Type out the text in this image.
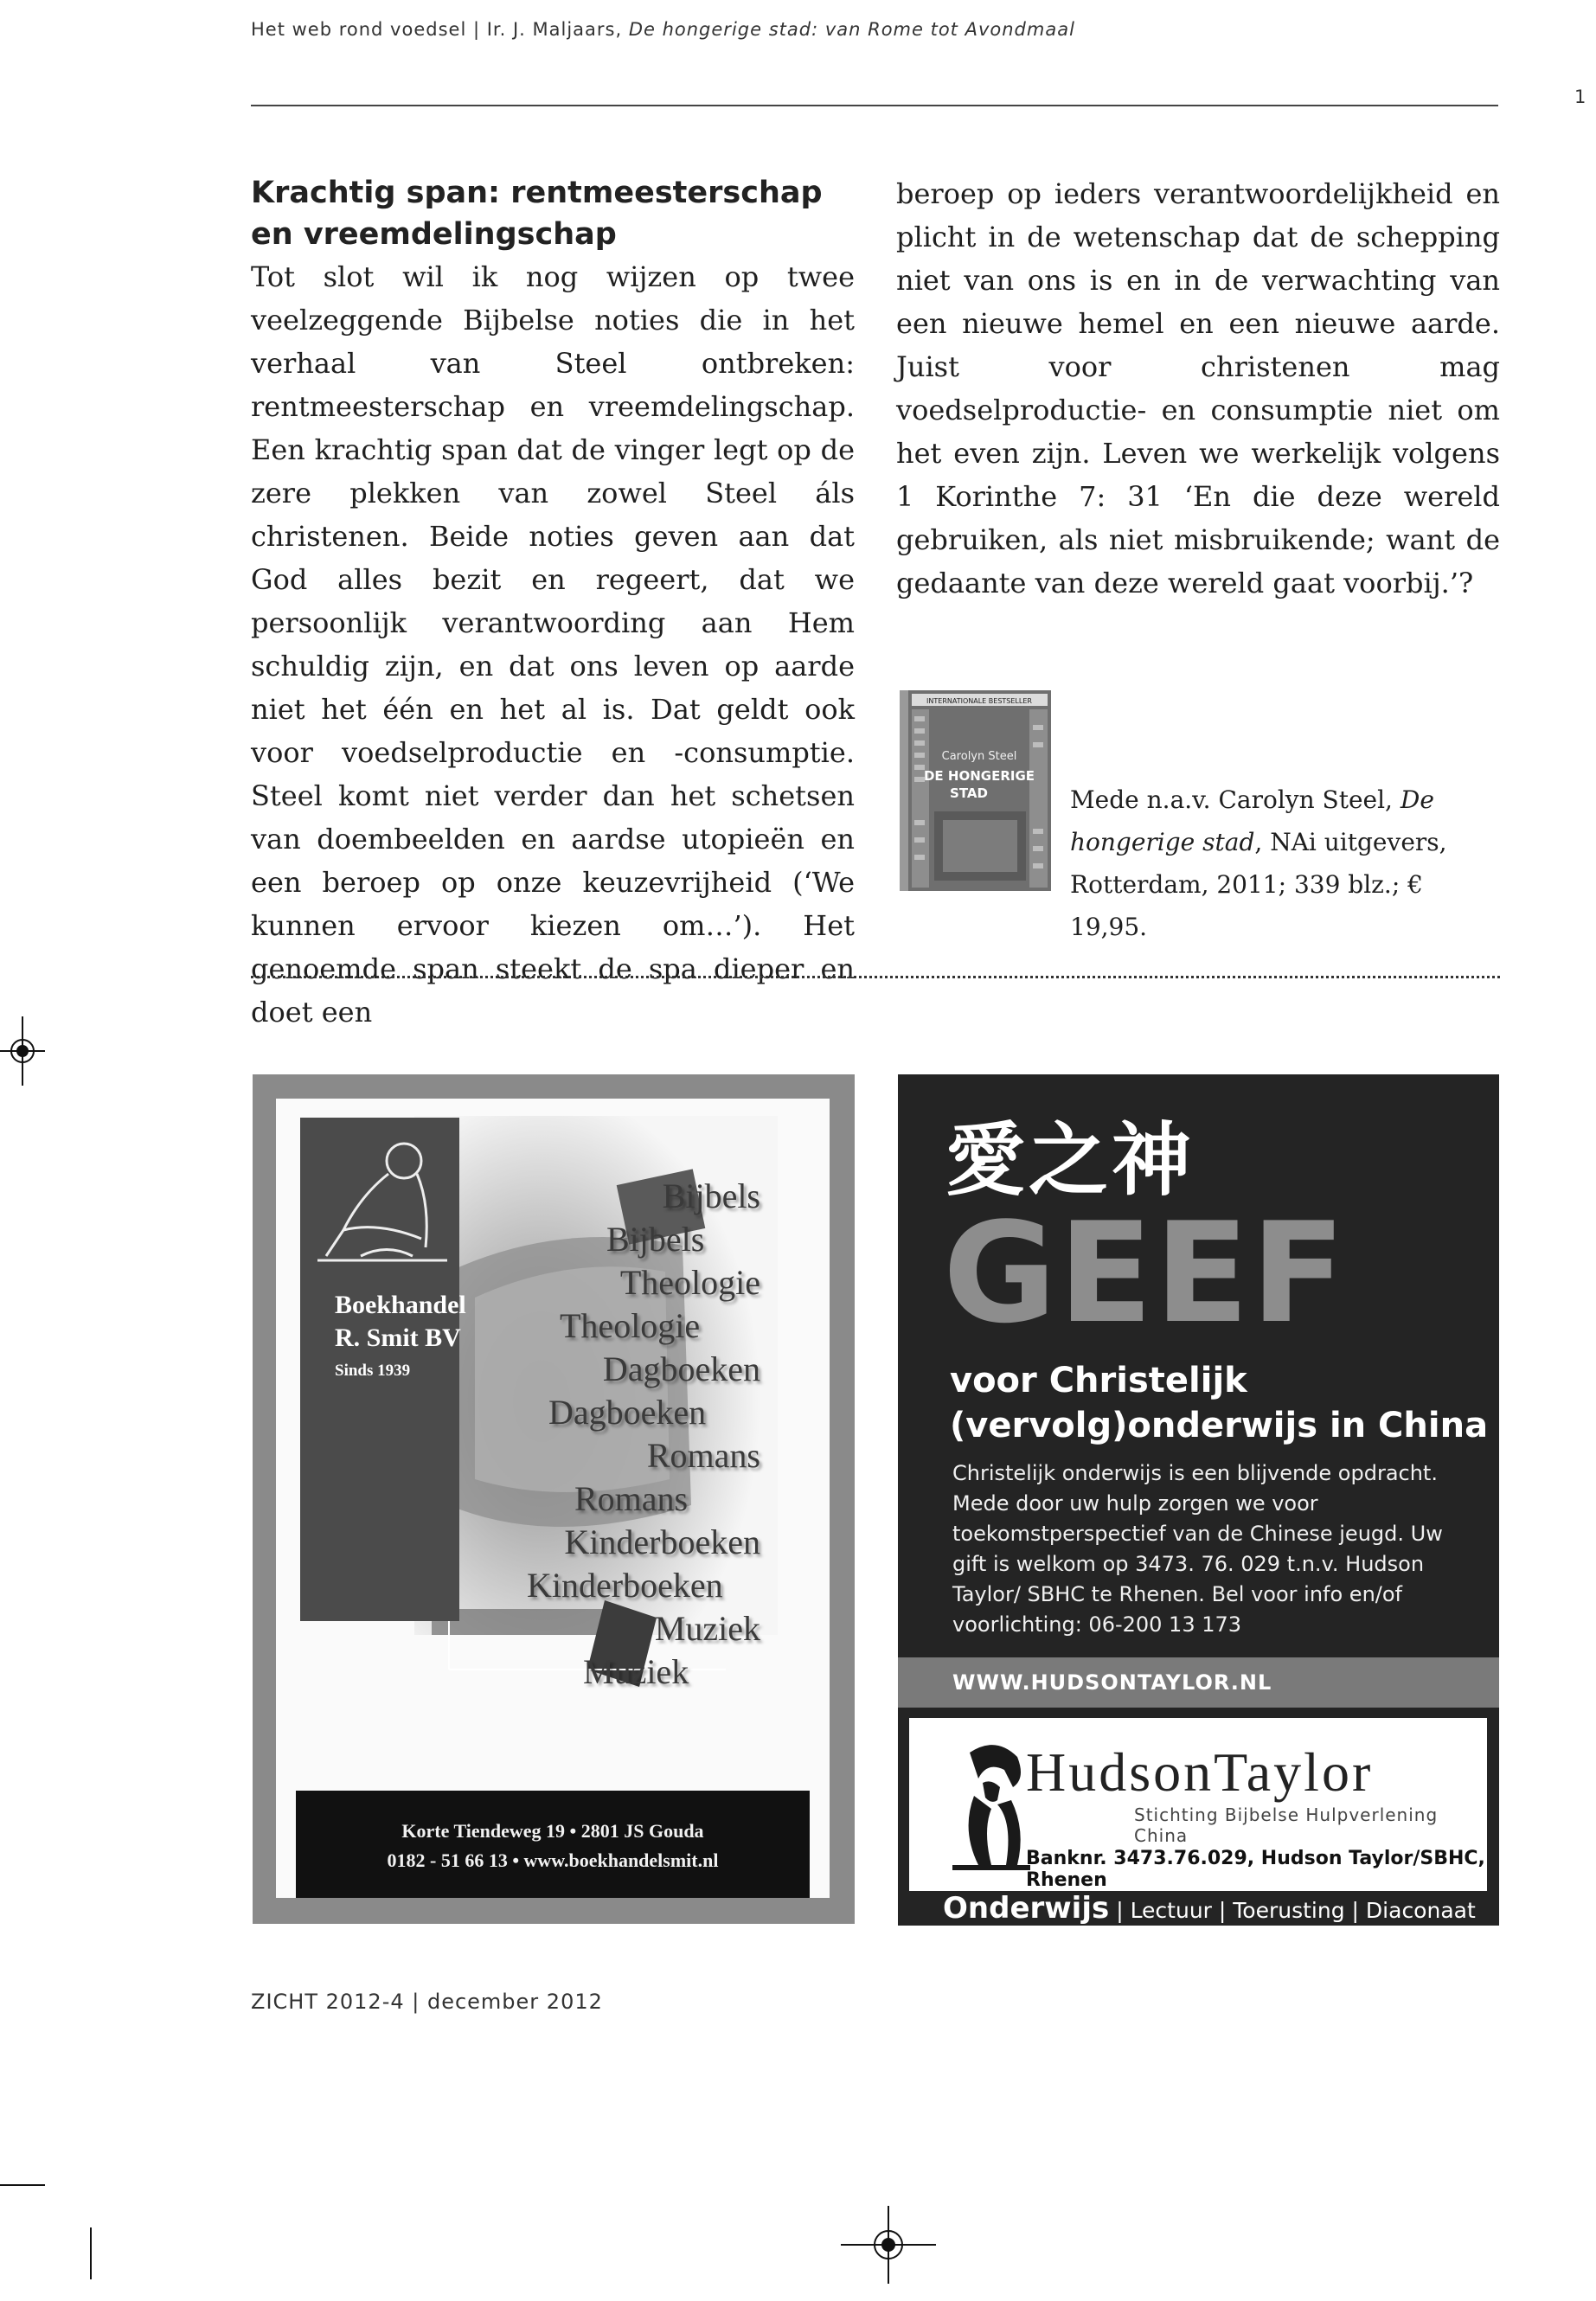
Het web rond voedsel | Ir. J. Maljaars, De hongerige stad: van Rome tot Avondmaal
1
Krachtig span: rentmeesterschap en vreemdelingschap

Tot slot wil ik nog wijzen op twee veelzeggende Bijbelse noties die in het verhaal van Steel ontbreken: rentmeesterschap en vreemdelingschap. Een krachtig span dat de vinger legt op de zere plekken van zowel Steel áls christenen. Beide noties geven aan dat God alles bezit en regeert, dat we persoonlijk verantwoording aan Hem schuldig zijn, en dat ons leven op aarde niet het één en het al is. Dat geldt ook voor voedselproductie en -consumptie. Steel komt niet verder dan het schetsen van doembeelden en aardse utopieën en een beroep op onze keuzevrijheid (‘We kunnen ervoor kiezen om…’). Het genoemde span steekt de spa dieper en doet een

beroep op ieders verantwoordelijkheid en plicht in de wetenschap dat de schepping niet van ons is en in de verwachting van een nieuwe hemel en een nieuwe aarde. Juist voor christenen mag voedselproductie- en consumptie niet om het even zijn. Leven we werkelijk volgens 1 Korinthe 7: 31 ‘En die deze wereld gebruiken, als niet misbruikende; want de gedaante van deze wereld gaat voorbij.’?

INTERNATIONALE BESTSELLER
Carolyn Steel
DE HONGERIGE
STAD	Mede n.a.v. Carolyn Steel, De hongerige stad, NAi uitgevers, Rotterdam, 2011; 339 blz.; € 19,95.
Boekhandel
R. Smit BV
Sinds 1939
Bijbels
Bijbels
Theologie
Theologie
Dagboeken
Dagboeken
Romans
Romans
Kinderboeken
Kinderboeken
Muziek
Muziek
Korte Tiendeweg 19 • 2801 JS Gouda
0182 - 51 66 13 • www.boekhandelsmit.nl
愛之神
GEEF
voor Christelijk
(vervolg)onderwijs in China
Christelijk onderwijs is een blijvende opdracht. Mede door uw hulp zorgen we voor toekomstperspectief van de Chinese jeugd. Uw gift is welkom op 3473. 76. 029 t.n.v. Hudson Taylor/ SBHC te Rhenen. Bel voor info en/of voorlichting: 06-200 13 173
WWW.HUDSONTAYLOR.NL
HudsonTaylor
Stichting Bijbelse Hulpverlening China
Banknr. 3473.76.029, Hudson Taylor/SBHC, Rhenen
Onderwijs | Lectuur | Toerusting | Diaconaat
ZICHT 2012-4 | december 2012
